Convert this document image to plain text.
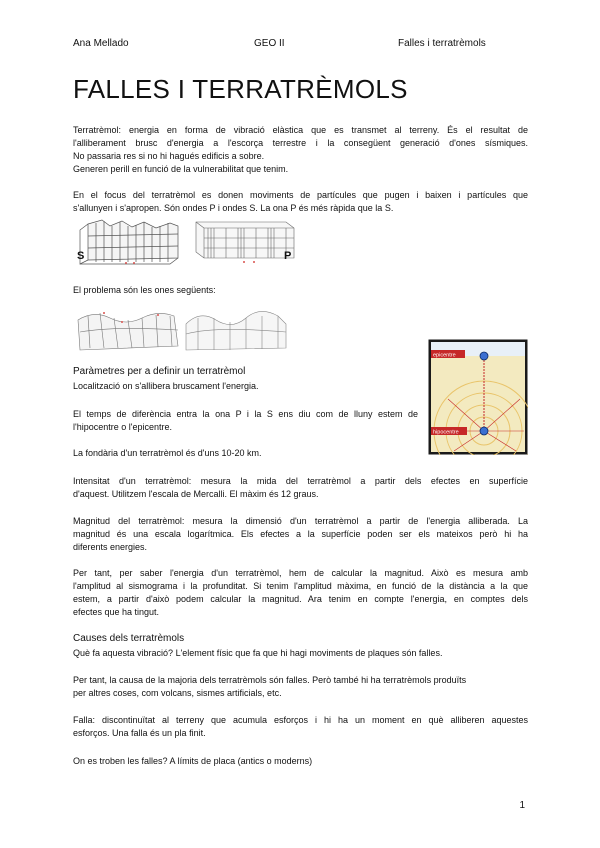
Ana Mellado	GEO II	Falles i terratrèmols
FALLES I TERRATRÈMOLS
Terratrèmol: energia en forma de vibració elàstica que es transmet al terreny. És el resultat de
l'alliberament brusc d'energia a l'escorça terrestre i la consegüent generació d'ones sísmiques.
No passaria res si no hi hagués edificis a sobre.
Generen perill en funció de la vulnerabilitat que tenim.
En el focus del terratrèmol es donen moviments de partícules que pugen i baixen i partícules que
s'allunyen i s'apropen. Són ondes P i ondes S. La ona P és més ràpida que la S.
S	P
El problema són les ones següents:
epicentre
hipocentre
Paràmetres per a definir un terratrèmol
Localització on s'allibera bruscament l'energia.
El temps de diferència entra la ona P i la S ens diu com de lluny estem de
l'hipocentre o l'epicentre.
La fondària d'un terratrèmol és d'uns 10-20 km.
Intensitat d'un terratrèmol: mesura la mida del terratrèmol a partir dels efectes en superfície
d'aquest. Utilitzem l'escala de Mercalli. El màxim és 12 graus.
Magnitud del terratrèmol: mesura la dimensió d'un terratrèmol a partir de l'energia alliberada. La
magnitud és una escala logarítmica. Els efectes a la superfície poden ser els mateixos però hi ha
diferents energies.
Per tant, per saber l'energia d'un terratrèmol, hem de calcular la magnitud. Això es mesura amb
l'amplitud al sismograma i la profunditat. Si tenim l'amplitud màxima, en funció de la distància a la que
estem, a partir d'això podem calcular la magnitud. Ara tenim en compte l'energia, en comptes dels
efectes que ha tingut.
Causes dels terratrèmols
Què fa aquesta vibració? L'element físic que fa que hi hagi moviments de plaques són falles.
Per tant, la causa de la majoria dels terratrèmols són falles. Però també hi ha terratrèmols produïts
per altres coses, com volcans, sismes artificials, etc.
Falla: discontinuïtat al terreny que acumula esforços i hi ha un moment en què alliberen aquestes
esforços. Una falla és un pla finit.
On es troben les falles? A límits de placa (antics o moderns)
1
